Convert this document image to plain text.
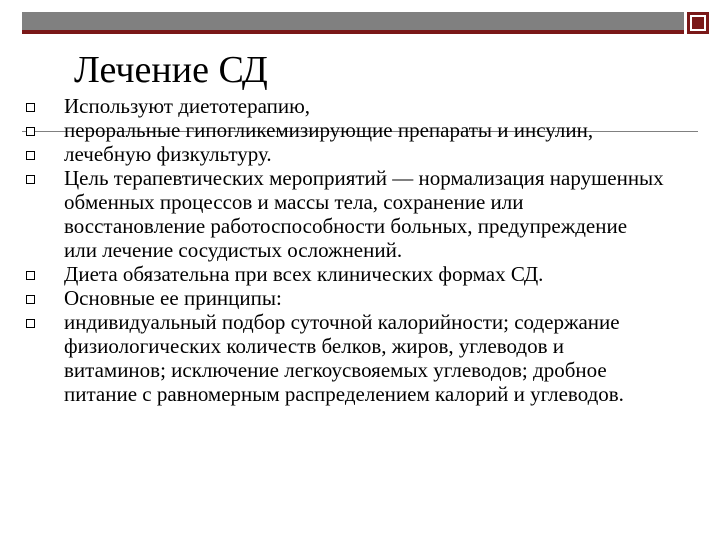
Лечение СД
Используют диетотерапию,
пероральные гипогликемизирующие препараты и инсулин,
лечебную физкультуру.
Цель терапевтических мероприятий — нормализация нарушенных обменных процессов и массы тела, сохранение или восстановление работоспособности больных, предупреждение или лечение сосудистых осложнений.
Диета обязательна при всех клинических формах СД.
Основные ее принципы:
индивидуальный подбор суточной калорийности; содержание физиологических количеств белков, жиров, углеводов и витаминов; исключение легкоусвояемых углеводов; дробное питание с равномерным распределением калорий и углеводов.
